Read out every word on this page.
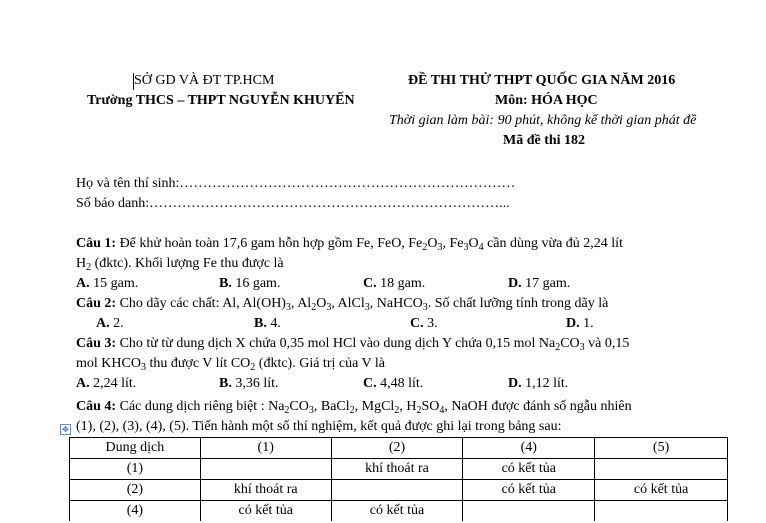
SỞ GD VÀ ĐT TP.HCM
Trường THCS – THPT NGUYỄN KHUYẾN
ĐỀ THI THỬ THPT QUỐC GIA NĂM 2016
Môn: HÓA HỌC
Thời gian làm bài: 90 phút, không kể thời gian phát đề
Mã đề thi 182
Họ và tên thí sinh:………………………………………………………………
Số báo danh:…………………………………………………………………...
Câu 1: Để khử hoàn toàn 17,6 gam hỗn hợp gồm Fe, FeO, $Fe_2O_3$, $Fe_3O_4$ cần dùng vừa đủ 2,24 lít
$H_2$ (đktc). Khối lượng Fe thu được là
A. 15 gam.	B. 16 gam.	C. 18 gam.	D. 17 gam.
Câu 2: Cho dãy các chất: Al, $Al(OH)_3$, $Al_2O_3$, AlCl$_3$, NaHCO$_3$. Số chất lưỡng tính trong dãy là
A. 2.	B. 4.	C. 3.	D. 1.
Câu 3: Cho từ từ dung dịch X chứa 0,35 mol HCl vào dung dịch Y chứa 0,15 mol $Na_2CO_3$ và 0,15
mol $KHCO_3$ thu được V lít $CO_2$ (đktc). Giá trị của V là
A. 2,24 lít.	B. 3,36 lít.	C. 4,48 lít.	D. 1,12 lít.
Câu 4: Các dung dịch riêng biệt : $Na_2CO_3$, BaCl$_2$, MgCl$_2$, $H_2SO_4$, NaOH được đánh số ngẫu nhiên
(1), (2), (3), (4), (5). Tiến hành một số thí nghiệm, kết quả được ghi lại trong bảng sau:
✥
Dung dịch	(1)	(2)	(4)	(5)
(1)		khí thoát ra	có kết tủa	
(2)	khí thoát ra		có kết tủa	có kết tủa
(4)	có kết tủa	có kết tủa		
